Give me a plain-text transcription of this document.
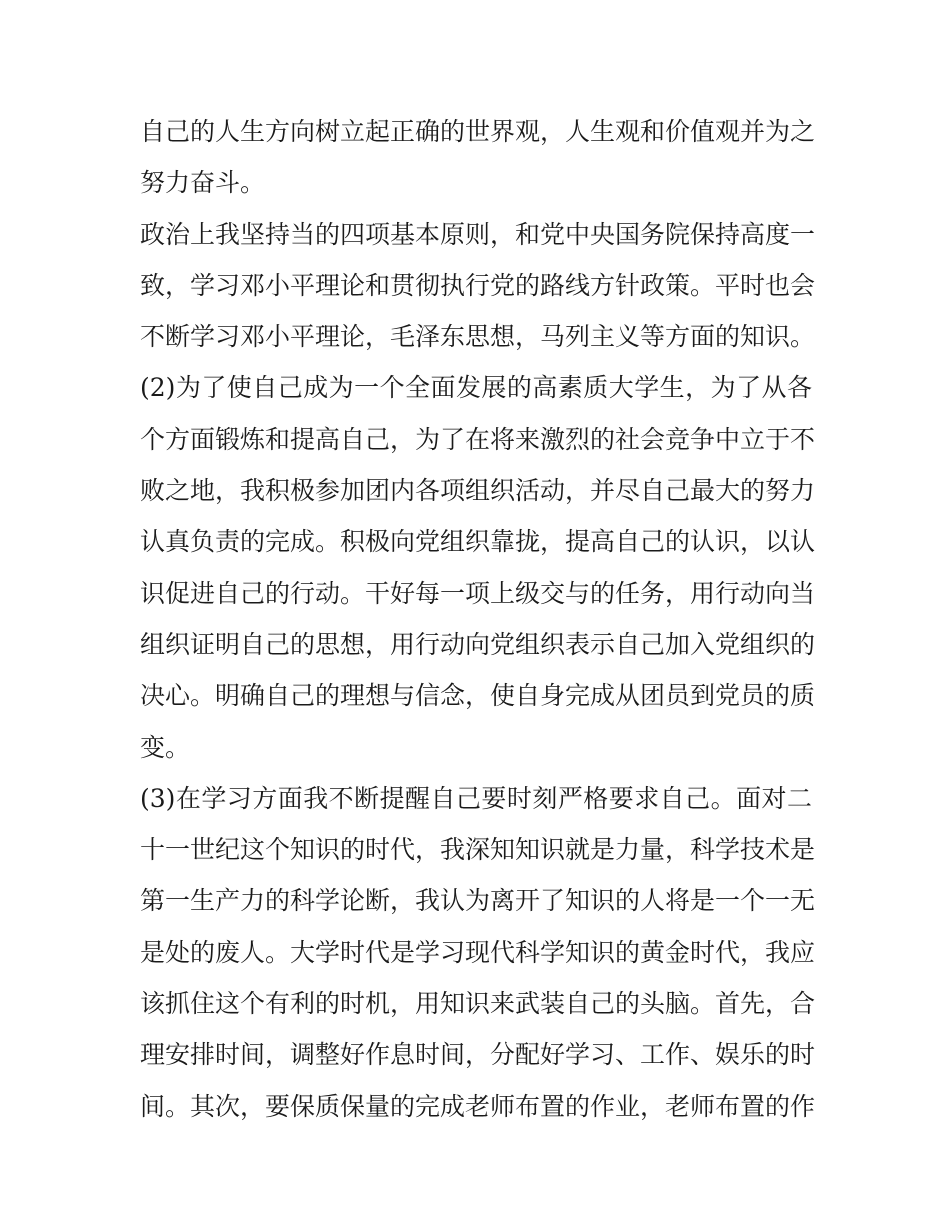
自己的人生方向树立起正确的世界观，人生观和价值观并为之
努力奋斗。
政治上我坚持当的四项基本原则，和党中央国务院保持高度一
致，学习邓小平理论和贯彻执行党的路线方针政策。平时也会
不断学习邓小平理论，毛泽东思想，马列主义等方面的知识。
(2)为了使自己成为一个全面发展的高素质大学生，为了从各
个方面锻炼和提高自己，为了在将来激烈的社会竞争中立于不
败之地，我积极参加团内各项组织活动，并尽自己最大的努力
认真负责的完成。积极向党组织靠拢，提高自己的认识，以认
识促进自己的行动。干好每一项上级交与的任务，用行动向当
组织证明自己的思想，用行动向党组织表示自己加入党组织的
决心。明确自己的理想与信念，使自身完成从团员到党员的质
变。
(3)在学习方面我不断提醒自己要时刻严格要求自己。面对二
十一世纪这个知识的时代，我深知知识就是力量，科学技术是
第一生产力的科学论断，我认为离开了知识的人将是一个一无
是处的废人。大学时代是学习现代科学知识的黄金时代，我应
该抓住这个有利的时机，用知识来武装自己的头脑。首先，合
理安排时间，调整好作息时间，分配好学习、工作、娱乐的时
间。其次，要保质保量的完成老师布置的作业，老师布置的作
